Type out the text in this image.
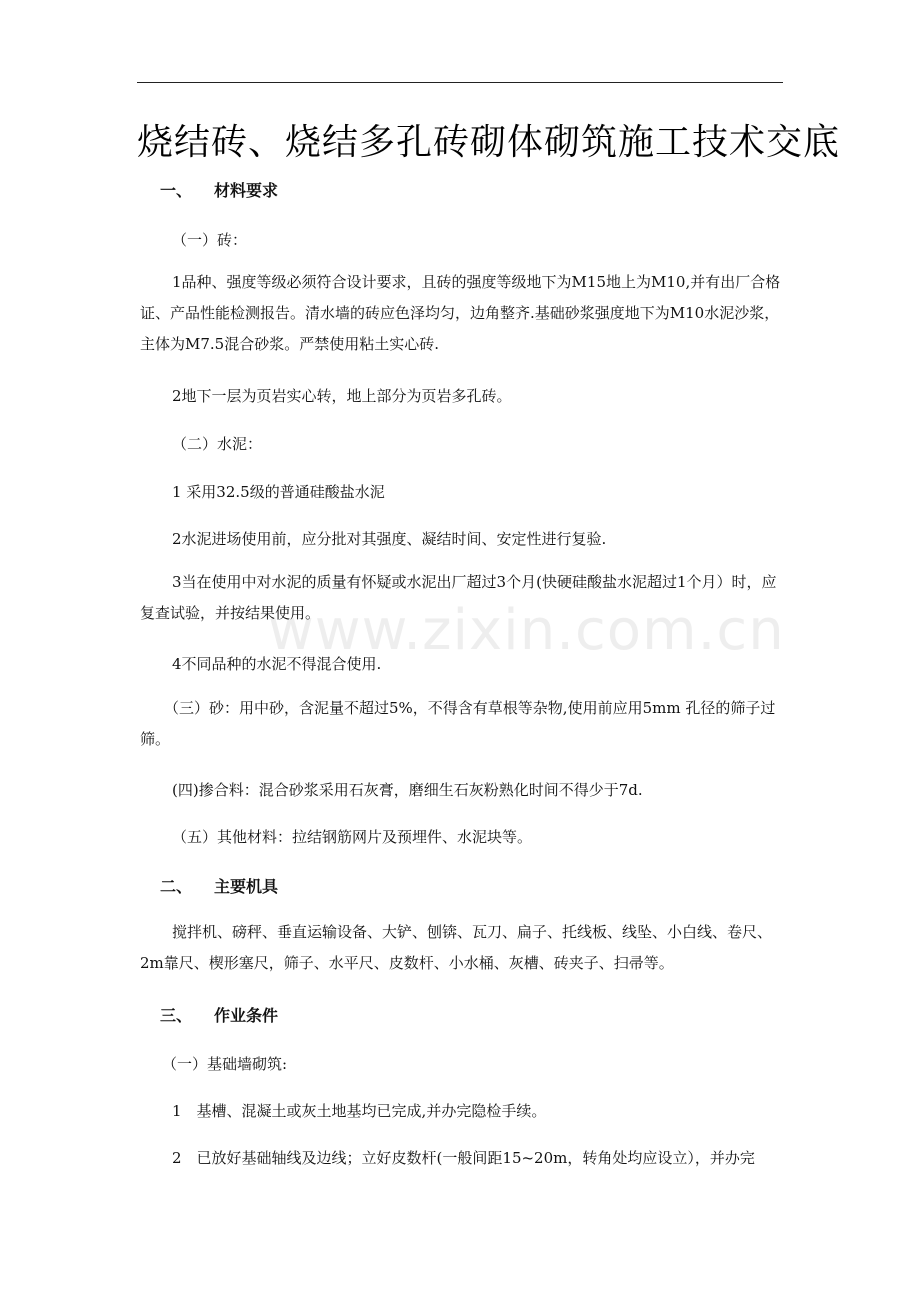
烧结砖、烧结多孔砖砌体砌筑施工技术交底
一、 材料要求
（一）砖：
1品种、强度等级必须符合设计要求，且砖的强度等级地下为M15地上为M10,并有出厂合格证、产品性能检测报告。清水墙的砖应色泽均匀，边角整齐.基础砂浆强度地下为M10水泥沙浆，主体为M7.5混合砂浆。严禁使用粘土实心砖.
2地下一层为页岩实心转，地上部分为页岩多孔砖。
（二）水泥：
1 采用32.5级的普通硅酸盐水泥
2水泥进场使用前，应分批对其强度、凝结时间、安定性进行复验.
3当在使用中对水泥的质量有怀疑或水泥出厂超过3个月(快硬硅酸盐水泥超过1个月）时，应复查试验，并按结果使用。
4不同品种的水泥不得混合使用.
（三）砂：用中砂，含泥量不超过5%，不得含有草根等杂物,使用前应用5mm 孔径的筛子过筛。
(四)掺合料：混合砂浆采用石灰膏，磨细生石灰粉熟化时间不得少于7d.
（五）其他材料：拉结钢筋网片及预埋件、水泥块等。
二、 主要机具
搅拌机、磅秤、垂直运输设备、大铲、刨锛、瓦刀、扁子、托线板、线坠、小白线、卷尺、2m靠尺、楔形塞尺，筛子、水平尺、皮数杆、小水桶、灰槽、砖夹子、扫帚等。
三、 作业条件
（一）基础墙砌筑:
1　基槽、混凝土或灰土地基均已完成,并办完隐检手续。
2　已放好基础轴线及边线；立好皮数杆(一般间距15~20m，转角处均应设立），并办完
www.zixin.com.cn
